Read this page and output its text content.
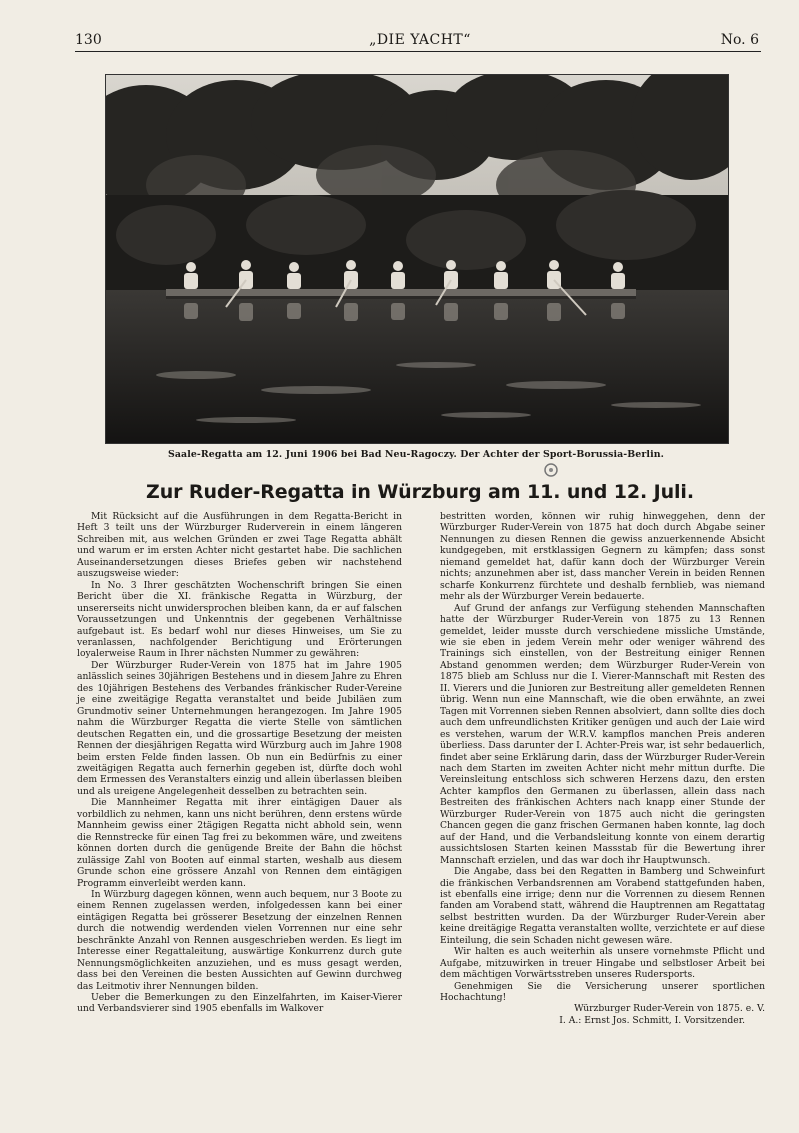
130	„DIE YACHT“	No. 6
Saale-Regatta am 12. Juni 1906 bei Bad Neu-Ragoczy. Der Achter der Sport-Borussia-Berlin.
Zur Ruder-Regatta in Würzburg am 11. und 12. Juli.

Mit Rücksicht auf die Ausführungen in dem Regatta-Bericht in Heft 3 teilt uns der Würzburger Ruderverein in einem längeren Schreiben mit, aus welchen Gründen er zwei Tage Regatta abhält und warum er im ersten Achter nicht gestartet habe. Die sachlichen Auseinandersetzungen dieses Briefes geben wir nachstehend auszugsweise wieder:

In No. 3 Ihrer geschätzten Wochenschrift bringen Sie einen Bericht über die XI. fränkische Regatta in Würzburg, der unsererseits nicht unwidersprochen bleiben kann, da er auf falschen Voraussetzungen und Unkenntnis der gegebenen Verhältnisse aufgebaut ist. Es bedarf wohl nur dieses Hinweises, um Sie zu veranlassen, nachfolgender Berichtigung und Erörterungen loyalerweise Raum in Ihrer nächsten Nummer zu gewähren:

Der Würzburger Ruder-Verein von 1875 hat im Jahre 1905 anlässlich seines 30jährigen Bestehens und in diesem Jahre zu Ehren des 10jährigen Bestehens des Verbandes fränkischer Ruder-Vereine je eine zweitägige Regatta veranstaltet und beide Jubiläen zum Grundmotiv seiner Unternehmungen herangezogen. Im Jahre 1905 nahm die Würzburger Regatta die vierte Stelle von sämtlichen deutschen Regatten ein, und die grossartige Besetzung der meisten Rennen der diesjährigen Regatta wird Würzburg auch im Jahre 1908 beim ersten Felde finden lassen. Ob nun ein Bedürfnis zu einer zweitägigen Regatta auch fernerhin gegeben ist, dürfte doch wohl dem Ermessen des Veranstalters einzig und allein überlassen bleiben und als ureigene Angelegenheit desselben zu betrachten sein.

Die Mannheimer Regatta mit ihrer eintägigen Dauer als vorbildlich zu nehmen, kann uns nicht berühren, denn erstens würde Mannheim gewiss einer 2tägigen Regatta nicht abhold sein, wenn die Rennstrecke für einen Tag frei zu bekommen wäre, und zweitens können dorten durch die genügende Breite der Bahn die höchst zulässige Zahl von Booten auf einmal starten, weshalb aus diesem Grunde schon eine grössere Anzahl von Rennen dem eintägigen Programm einverleibt werden kann.

In Würzburg dagegen können, wenn auch bequem, nur 3 Boote zu einem Rennen zugelassen werden, infolgedessen kann bei einer eintägigen Regatta bei grösserer Besetzung der einzelnen Rennen durch die notwendig werdenden vielen Vorrennen nur eine sehr beschränkte Anzahl von Rennen ausgeschrieben werden. Es liegt im Interesse einer Regattaleitung, auswärtige Konkurrenz durch gute Nennungsmöglichkeiten anzuziehen, und es muss gesagt werden, dass bei den Vereinen die besten Aussichten auf Gewinn durchweg das Leitmotiv ihrer Nennungen bilden.

Ueber die Bemerkungen zu den Einzelfahrten, im Kaiser-Vierer und Verbandsvierer sind 1905 ebenfalls im Walkover

bestritten worden, können wir ruhig hinweggehen, denn der Würzburger Ruder-Verein von 1875 hat doch durch Abgabe seiner Nennungen zu diesen Rennen die gewiss anzuerkennende Absicht kundgegeben, mit erstklassigen Gegnern zu kämpfen; dass sonst niemand gemeldet hat, dafür kann doch der Würzburger Verein nichts; anzunehmen aber ist, dass mancher Verein in beiden Rennen scharfe Konkurrenz fürchtete und deshalb fernblieb, was niemand mehr als der Würzburger Verein bedauerte.

Auf Grund der anfangs zur Verfügung stehenden Mannschaften hatte der Würzburger Ruder-Verein von 1875 zu 13 Rennen gemeldet, leider musste durch verschiedene missliche Umstände, wie sie eben in jedem Verein mehr oder weniger während des Trainings sich einstellen, von der Bestreitung einiger Rennen Abstand genommen werden; dem Würzburger Ruder-Verein von 1875 blieb am Schluss nur die I. Vierer-Mannschaft mit Resten des II. Vierers und die Junioren zur Bestreitung aller gemeldeten Rennen übrig. Wenn nun eine Mannschaft, wie die oben erwähnte, an zwei Tagen mit Vorrennen sieben Rennen absolviert, dann sollte dies doch auch dem unfreundlichsten Kritiker genügen und auch der Laie wird es verstehen, warum der W.R.V. kampflos manchen Preis anderen überliess. Dass darunter der I. Achter-Preis war, ist sehr bedauerlich, findet aber seine Erklärung darin, dass der Würzburger Ruder-Verein nach dem Starten im zweiten Achter nicht mehr mittun durfte. Die Vereinsleitung entschloss sich schweren Herzens dazu, den ersten Achter kampflos den Germanen zu überlassen, allein dass nach Bestreiten des fränkischen Achters nach knapp einer Stunde der Würzburger Ruder-Verein von 1875 auch nicht die geringsten Chancen gegen die ganz frischen Germanen haben konnte, lag doch auf der Hand, und die Verbandsleitung konnte von einem derartig aussichtslosen Starten keinen Massstab für die Bewertung ihrer Mannschaft erzielen, und das war doch ihr Hauptwunsch.

Die Angabe, dass bei den Regatten in Bamberg und Schweinfurt die fränkischen Verbandsrennen am Vorabend stattgefunden haben, ist ebenfalls eine irrige; denn nur die Vorrennen zu diesem Rennen fanden am Vorabend statt, während die Hauptrennen am Regattatag selbst bestritten wurden. Da der Würzburger Ruder-Verein aber keine dreitägige Regatta veranstalten wollte, verzichtete er auf diese Einteilung, die sein Schaden nicht gewesen wäre.

Wir halten es auch weiterhin als unsere vornehmste Pflicht und Aufgabe, mitzuwirken in treuer Hingabe und selbstloser Arbeit bei dem mächtigen Vorwärtsstreben unseres Rudersports.

Genehmigen Sie die Versicherung unserer sportlichen Hochachtung!

Würzburger Ruder-Verein von 1875. e. V.

I. A.: Ernst Jos. Schmitt, I. Vorsitzender.
